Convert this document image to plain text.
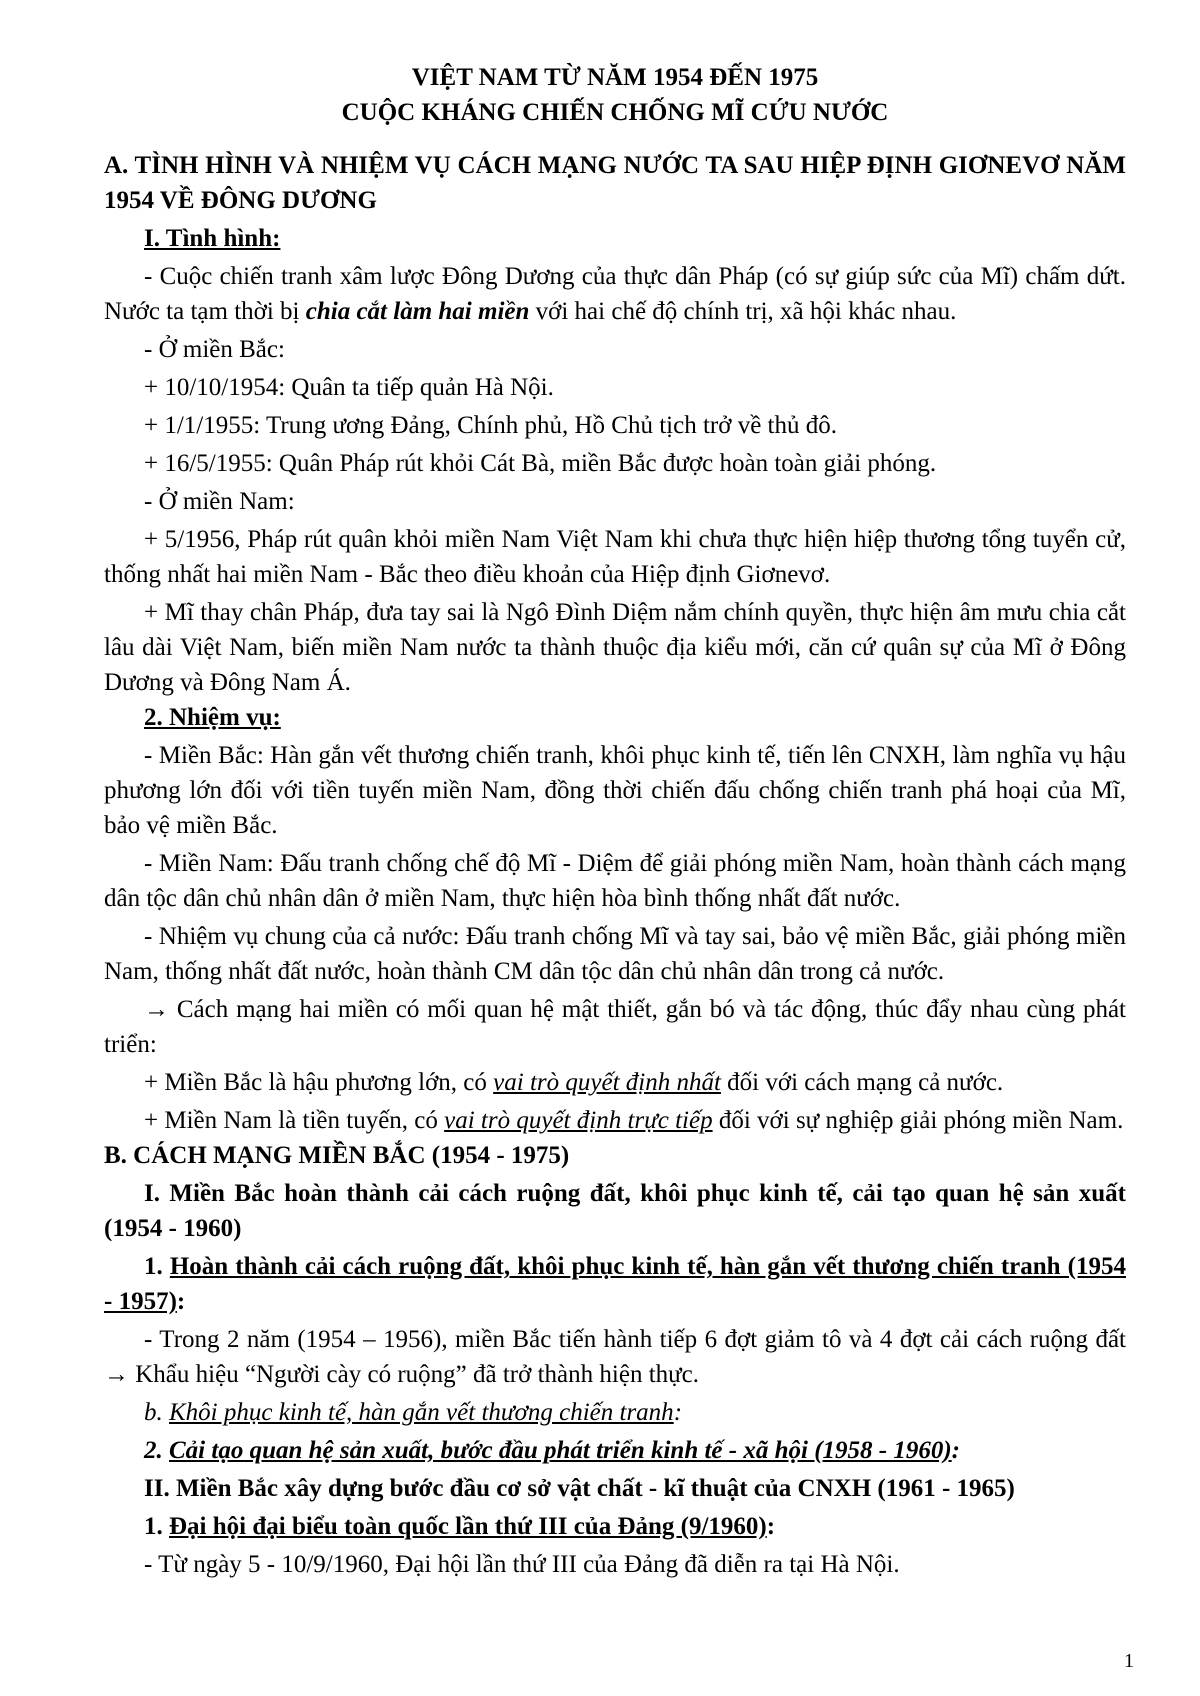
VIỆT NAM TỪ NĂM 1954 ĐẾN 1975

CUỘC KHÁNG CHIẾN CHỐNG MĨ CỨU NƯỚC

A. TÌNH HÌNH VÀ NHIỆM VỤ CÁCH MẠNG NƯỚC TA SAU HIỆP ĐỊNH GIƠNEVƠ NĂM 1954 VỀ ĐÔNG DƯƠNG

I. Tình hình:

- Cuộc chiến tranh xâm lược Đông Dương của thực dân Pháp (có sự giúp sức của Mĩ) chấm dứt. Nước ta tạm thời bị chia cắt làm hai miền với hai chế độ chính trị, xã hội khác nhau.

- Ở miền Bắc:

+ 10/10/1954: Quân ta tiếp quản Hà Nội.

+ 1/1/1955: Trung ương Đảng, Chính phủ, Hồ Chủ tịch trở về thủ đô.

+ 16/5/1955: Quân Pháp rút khỏi Cát Bà, miền Bắc được hoàn toàn giải phóng.

- Ở miền Nam:

+ 5/1956, Pháp rút quân khỏi miền Nam Việt Nam khi chưa thực hiện hiệp thương tổng tuyển cử, thống nhất hai miền Nam - Bắc theo điều khoản của Hiệp định Giơnevơ.

+ Mĩ thay chân Pháp, đưa tay sai là Ngô Đình Diệm nắm chính quyền, thực hiện âm mưu chia cắt lâu dài Việt Nam, biến miền Nam nước ta thành thuộc địa kiểu mới, căn cứ quân sự của Mĩ ở Đông Dương và Đông Nam Á.

2. Nhiệm vụ:

- Miền Bắc: Hàn gắn vết thương chiến tranh, khôi phục kinh tế, tiến lên CNXH, làm nghĩa vụ hậu phương lớn đối với tiền tuyến miền Nam, đồng thời chiến đấu chống chiến tranh phá hoại của Mĩ, bảo vệ miền Bắc.

- Miền Nam: Đấu tranh chống chế độ Mĩ - Diệm để giải phóng miền Nam, hoàn thành cách mạng dân tộc dân chủ nhân dân ở miền Nam, thực hiện hòa bình thống nhất đất nước.

- Nhiệm vụ chung của cả nước: Đấu tranh chống Mĩ và tay sai, bảo vệ miền Bắc, giải phóng miền Nam, thống nhất đất nước, hoàn thành CM dân tộc dân chủ nhân dân trong cả nước.

→ Cách mạng hai miền có mối quan hệ mật thiết, gắn bó và tác động, thúc đẩy nhau cùng phát triển:

+ Miền Bắc là hậu phương lớn, có vai trò quyết định nhất đối với cách mạng cả nước.

+ Miền Nam là tiền tuyến, có vai trò quyết định trực tiếp đối với sự nghiệp giải phóng miền Nam.

B. CÁCH MẠNG MIỀN BẮC (1954 - 1975)

I. Miền Bắc hoàn thành cải cách ruộng đất, khôi phục kinh tế, cải tạo quan hệ sản xuất (1954 - 1960)

1. Hoàn thành cải cách ruộng đất, khôi phục kinh tế, hàn gắn vết thương chiến tranh (1954 - 1957):

- Trong 2 năm (1954 – 1956), miền Bắc tiến hành tiếp 6 đợt giảm tô và 4 đợt cải cách ruộng đất → Khẩu hiệu “Người cày có ruộng” đã trở thành hiện thực.

b. Khôi phục kinh tế, hàn gắn vết thương chiến tranh:

2. Cải tạo quan hệ sản xuất, bước đầu phát triển kinh tế - xã hội (1958 - 1960):

II. Miền Bắc xây dựng bước đầu cơ sở vật chất - kĩ thuật của CNXH (1961 - 1965)

1. Đại hội đại biểu toàn quốc lần thứ III của Đảng (9/1960):

- Từ ngày 5 - 10/9/1960, Đại hội lần thứ III của Đảng đã diễn ra tại Hà Nội.

1
